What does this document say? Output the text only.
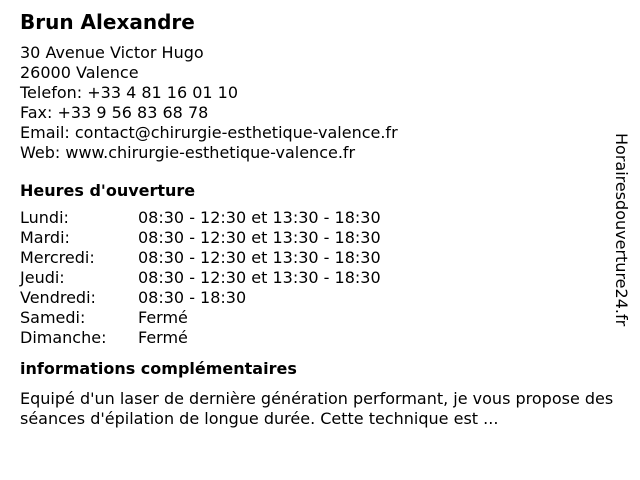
Brun Alexandre
30 Avenue Victor Hugo
26000 Valence
Telefon: +33 4 81 16 01 10
Fax: +33 9 56 83 68 78
Email: contact@chirurgie-esthetique-valence.fr
Web: www.chirurgie-esthetique-valence.fr
Heures d'ouverture
Lundi:	08:30 - 12:30 et 13:30 - 18:30
Mardi:	08:30 - 12:30 et 13:30 - 18:30
Mercredi:	08:30 - 12:30 et 13:30 - 18:30
Jeudi:	08:30 - 12:30 et 13:30 - 18:30
Vendredi:	08:30 - 18:30
Samedi:	Fermé
Dimanche:	Fermé
informations complémentaires
Equipé d'un laser de dernière génération performant, je vous propose des séances d'épilation de longue durée. Cette technique est ...
Horairesdouverture24.fr
